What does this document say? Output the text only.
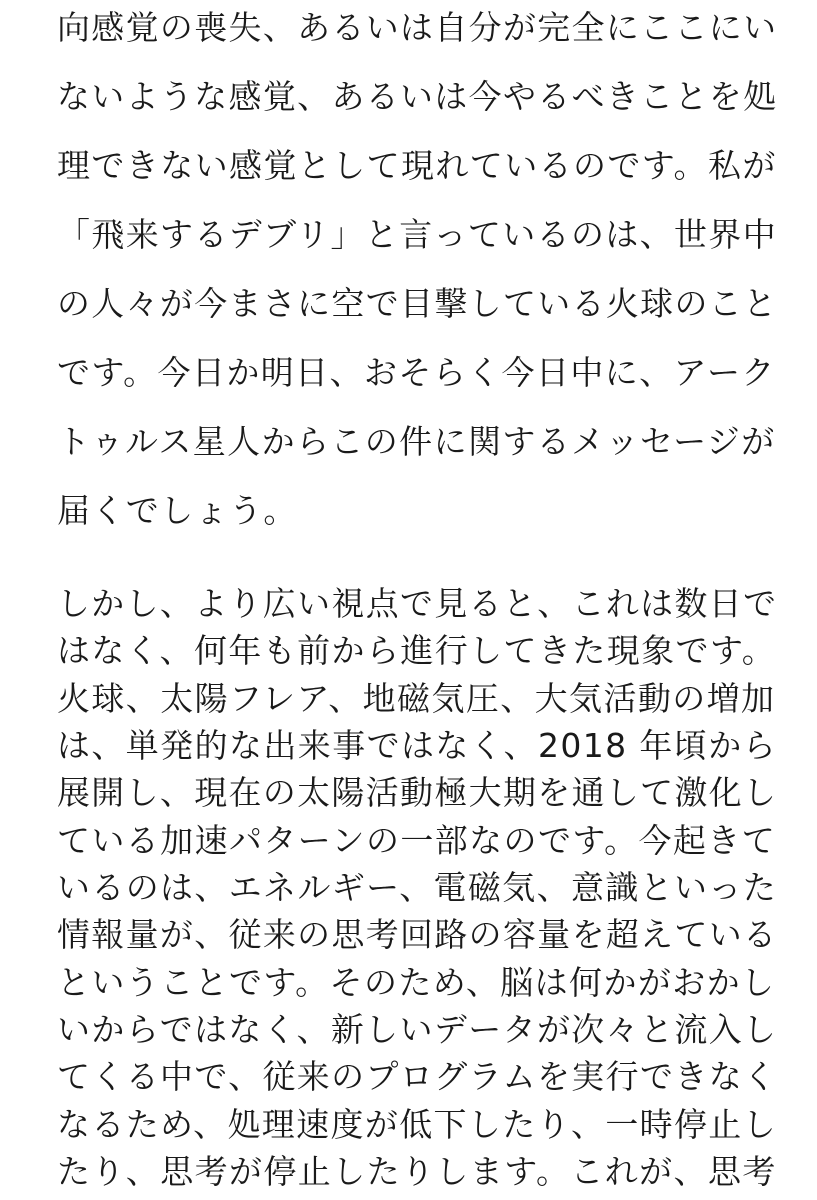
向感覚の喪失、あるいは自分が完全にここにい
ないような感覚、あるいは今やるべきことを処
理できない感覚として現れているのです。私が
「飛来するデブリ」と言っているのは、世界中
の人々が今まさに空で目撃している火球のこと
です。今日か明日、おそらく今日中に、アーク
トゥルス星人からこの件に関するメッセージが
届くでしょう。
しかし、より広い視点で見ると、これは数日で
はなく、何年も前から進行してきた現象です。
火球、太陽フレア、地磁気圧、大気活動の増加
は、単発的な出来事ではなく、2018 年頃から
展開し、現在の太陽活動極大期を通して激化し
ている加速パターンの一部なのです。今起きて
いるのは、エネルギー、電磁気、意識といった
情報量が、従来の思考回路の容量を超えている
ということです。そのため、脳は何かがおかし
いからではなく、新しいデータが次々と流入し
てくる中で、従来のプログラムを実行できなく
なるため、処理速度が低下したり、一時停止し
たり、思考が停止したりします。これが、思考
